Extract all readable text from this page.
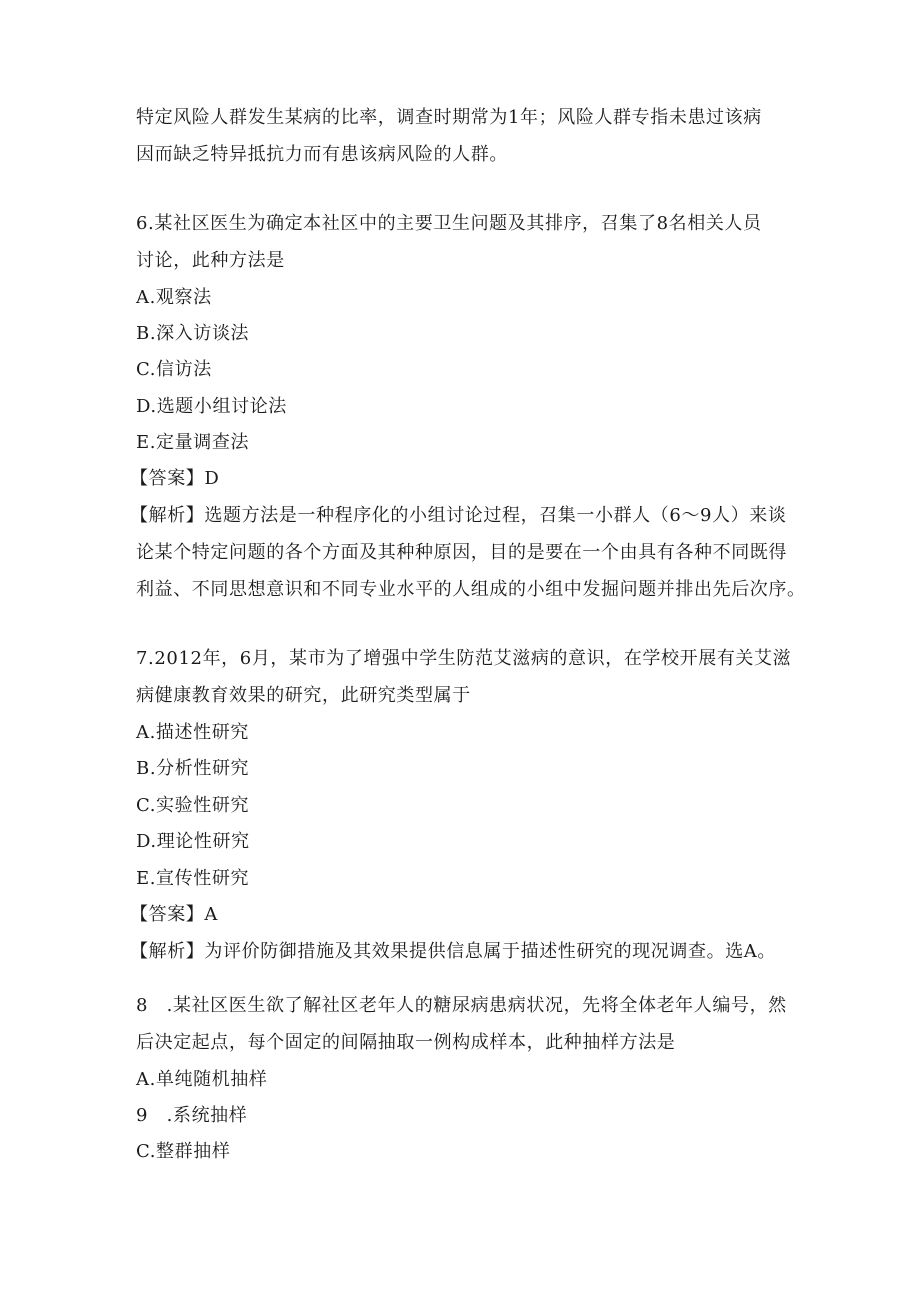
特定风险人群发生某病的比率，调查时期常为1年；风险人群专指未患过该病
因而缺乏特异抵抗力而有患该病风险的人群。
6.某社区医生为确定本社区中的主要卫生问题及其排序，召集了8名相关人员
讨论，此种方法是
A.观察法
B.深入访谈法
C.信访法
D.选题小组讨论法
E.定量调查法
【答案】D
【解析】选题方法是一种程序化的小组讨论过程，召集一小群人（6～9人）来谈
论某个特定问题的各个方面及其种种原因，目的是要在一个由具有各种不同既得
利益、不同思想意识和不同专业水平的人组成的小组中发掘问题并排出先后次序。
7.2012年，6月，某市为了增强中学生防范艾滋病的意识，在学校开展有关艾滋
病健康教育效果的研究，此研究类型属于
A.描述性研究
B.分析性研究
C.实验性研究
D.理论性研究
E.宣传性研究
【答案】A
【解析】为评价防御措施及其效果提供信息属于描述性研究的现况调查。选A。
8　.某社区医生欲了解社区老年人的糖尿病患病状况，先将全体老年人编号，然
后决定起点，每个固定的间隔抽取一例构成样本，此种抽样方法是
A.单纯随机抽样
9　.系统抽样
C.整群抽样
